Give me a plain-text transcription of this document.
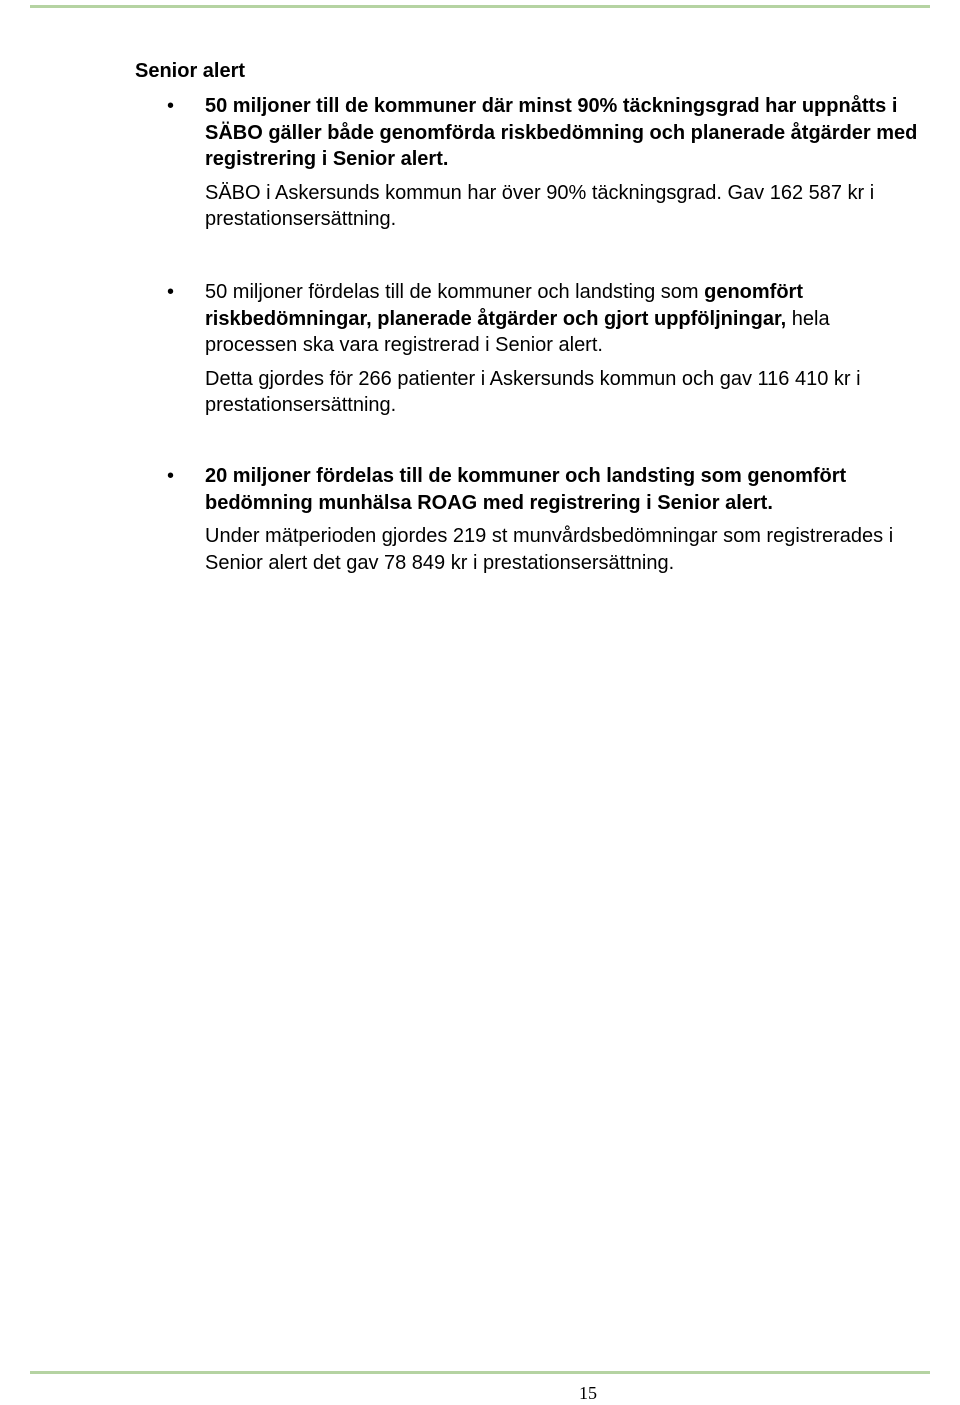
Senior alert
• 50 miljoner till de kommuner där minst 90% täckningsgrad har uppnåtts i SÄBO gäller både genomförda riskbedömning och planerade åtgärder med registrering i Senior alert.

SÄBO i Askersunds kommun har över 90% täckningsgrad. Gav 162 587 kr i prestationsersättning.

• 50 miljoner fördelas till de kommuner och landsting som genomfört riskbedömningar, planerade åtgärder och gjort uppföljningar, hela processen ska vara registrerad i Senior alert.

Detta gjordes för 266 patienter i Askersunds kommun och gav 116 410 kr i prestationsersättning.

• 20 miljoner fördelas till de kommuner och landsting som genomfört bedömning munhälsa ROAG med registrering i Senior alert.

Under mätperioden gjordes 219 st munvårdsbedömningar som registrerades i Senior alert det gav 78 849 kr i prestationsersättning.

15
